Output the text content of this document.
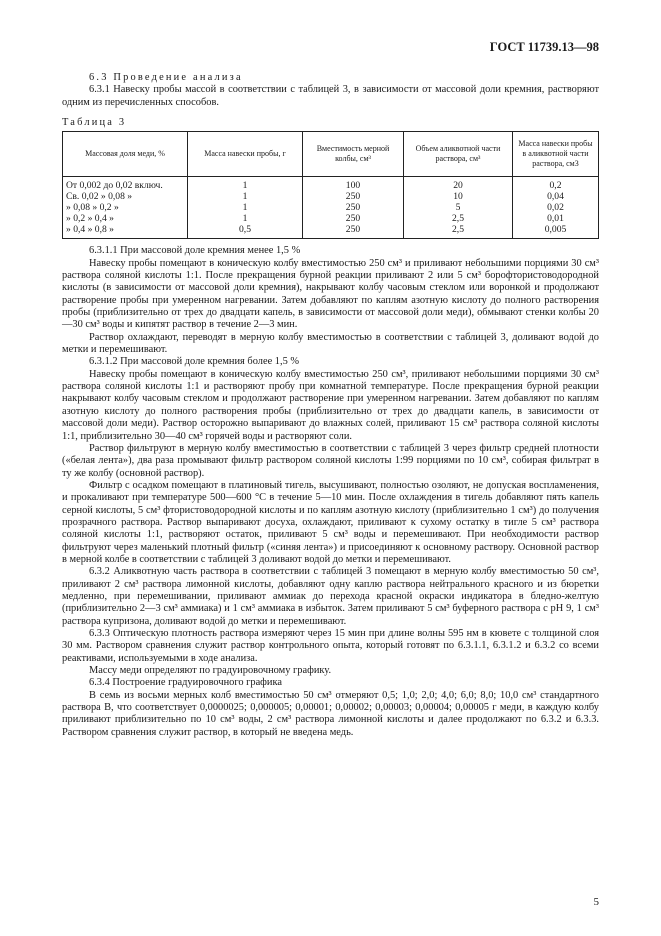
ГОСТ 11739.13—98

6.3 Проведение анализа

6.3.1 Навеску пробы массой в соответствии с таблицей 3, в зависимости от массовой доли кремния, растворяют одним из перечисленных способов.

Таблица 3

Массовая доля меди, %	Масса навески пробы, г	Вместимость мерной колбы, см³	Объем аликвотной части раствора, см³	Масса навески пробы в аликвотной части раствора, см3
От 0,002 до 0,02 включ.	1	100	20	0,2
Св. 0,02 » 0,08 »	1	250	10	0,04
» 0,08 » 0,2 »	1	250	5	0,02
» 0,2 » 0,4 »	1	250	2,5	0,01
» 0,4 » 0,8 »	0,5	250	2,5	0,005

6.3.1.1 При массовой доле кремния менее 1,5 %

Навеску пробы помещают в коническую колбу вместимостью 250 см³ и приливают небольшими порциями 30 см³ раствора соляной кислоты 1:1. После прекращения бурной реакции приливают 2 или 5 см³ борофтористоводородной кислоты (в зависимости от массовой доли кремния), накрывают колбу часовым стеклом или воронкой и продолжают растворение пробы при умеренном нагревании. Затем добавляют по каплям азотную кислоту до полного растворения пробы (приблизительно от трех до двадцати капель, в зависимости от массовой доли меди), обмывают стенки колбы 20—30 см³ воды и кипятят раствор в течение 2—3 мин.

Раствор охлаждают, переводят в мерную колбу вместимостью в соответствии с таблицей 3, доливают водой до метки и перемешивают.

6.3.1.2 При массовой доле кремния более 1,5 %

Навеску пробы помещают в коническую колбу вместимостью 250 см³, приливают небольшими порциями 30 см³ раствора соляной кислоты 1:1 и растворяют пробу при комнатной температуре. После прекращения бурной реакции накрывают колбу часовым стеклом и продолжают растворение при умеренном нагревании. Затем добавляют по каплям азотную кислоту до полного растворения пробы (приблизительно от трех до двадцати капель, в зависимости от массовой доли меди). Раствор осторожно выпаривают до влажных солей, приливают 15 см³ раствора соляной кислоты 1:1, приблизительно 30—40 см³ горячей воды и растворяют соли.

Раствор фильтруют в мерную колбу вместимостью в соответствии с таблицей 3 через фильтр средней плотности («белая лента»), два раза промывают фильтр раствором соляной кислоты 1:99 порциями по 10 см³, собирая фильтрат в ту же колбу (основной раствор).

Фильтр с осадком помещают в платиновый тигель, высушивают, полностью озоляют, не допуская воспламенения, и прокаливают при температуре 500—600 °С в течение 5—10 мин. После охлаждения в тигель добавляют пять капель серной кислоты, 5 см³ фтористоводородной кислоты и по каплям азотную кислоту (приблизительно 1 см³) до получения прозрачного раствора. Раствор выпаривают досуха, охлаждают, приливают к сухому остатку в тигле 5 см³ раствора соляной кислоты 1:1, растворяют остаток, приливают 5 см³ воды и перемешивают. При необходимости раствор фильтруют через маленький плотный фильтр («синяя лента») и присоединяют к основному раствору. Основной раствор в мерной колбе в соответствии с таблицей 3 доливают водой до метки и перемешивают.

6.3.2 Аликвотную часть раствора в соответствии с таблицей 3 помещают в мерную колбу вместимостью 50 см³, приливают 2 см³ раствора лимонной кислоты, добавляют одну каплю раствора нейтрального красного и из бюретки медленно, при перемешивании, приливают аммиак до перехода красной окраски индикатора в бледно-желтую (приблизительно 2—3 см³ аммиака) и 1 см³ аммиака в избыток. Затем приливают 5 см³ буферного раствора с рН 9, 1 см³ раствора купризона, доливают водой до метки и перемешивают.

6.3.3 Оптическую плотность раствора измеряют через 15 мин при длине волны 595 нм в кювете с толщиной слоя 30 мм. Раствором сравнения служит раствор контрольного опыта, который готовят по 6.3.1.1, 6.3.1.2 и 6.3.2 со всеми реактивами, используемыми в ходе анализа.

Массу меди определяют по градуировочному графику.

6.3.4 Построение градуировочного графика

В семь из восьми мерных колб вместимостью 50 см³ отмеряют 0,5; 1,0; 2,0; 4,0; 6,0; 8,0; 10,0 см³ стандартного раствора В, что соответствует 0,0000025; 0,000005; 0,00001; 0,00002; 0,00003; 0,00004; 0,00005 г меди, в каждую колбу приливают приблизительно по 10 см³ воды, 2 см³ раствора лимонной кислоты и далее продолжают по 6.3.2 и 6.3.3. Раствором сравнения служит раствор, в который не введена медь.

5
